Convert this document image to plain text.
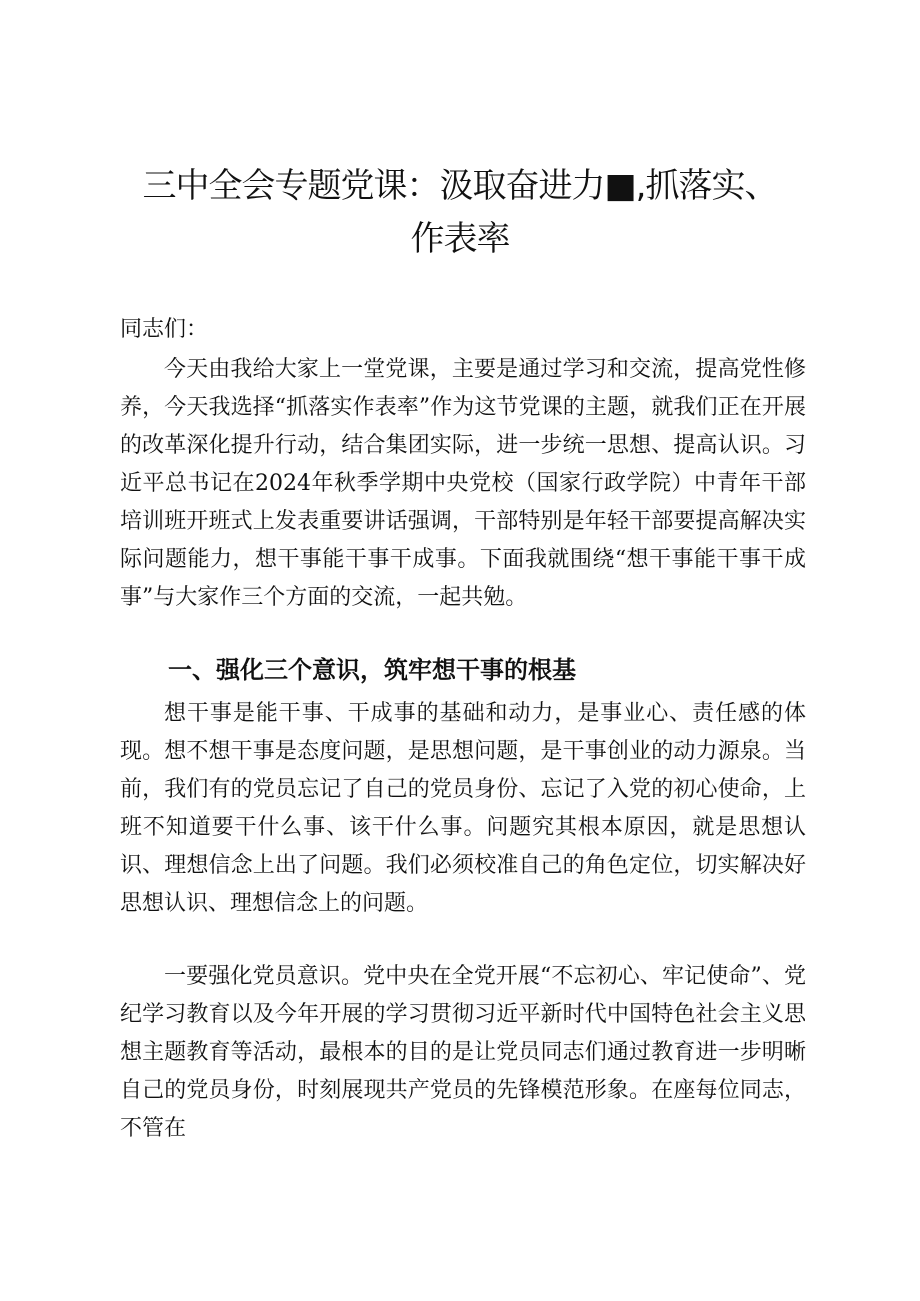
三中全会专题党课：汲取奋进力■,抓落实、
作表率

同志们：

今天由我给大家上一堂党课，主要是通过学习和交流，提高党性修养，今天我选择“抓落实作表率”作为这节党课的主题，就我们正在开展的改革深化提升行动，结合集团实际，进一步统一思想、提高认识。习近平总书记在2024年秋季学期中央党校（国家行政学院）中青年干部培训班开班式上发表重要讲话强调，干部特别是年轻干部要提高解决实际问题能力，想干事能干事干成事。下面我就围绕“想干事能干事干成事”与大家作三个方面的交流，一起共勉。

一、强化三个意识，筑牢想干事的根基

想干事是能干事、干成事的基础和动力，是事业心、责任感的体现。想不想干事是态度问题，是思想问题，是干事创业的动力源泉。当前，我们有的党员忘记了自己的党员身份、忘记了入党的初心使命，上班不知道要干什么事、该干什么事。问题究其根本原因，就是思想认识、理想信念上出了问题。我们必须校准自己的角色定位，切实解决好思想认识、理想信念上的问题。

一要强化党员意识。党中央在全党开展“不忘初心、牢记使命”、党纪学习教育以及今年开展的学习贯彻习近平新时代中国特色社会主义思想主题教育等活动，最根本的目的是让党员同志们通过教育进一步明晰自己的党员身份，时刻展现共产党员的先锋模范形象。在座每位同志，不管在
